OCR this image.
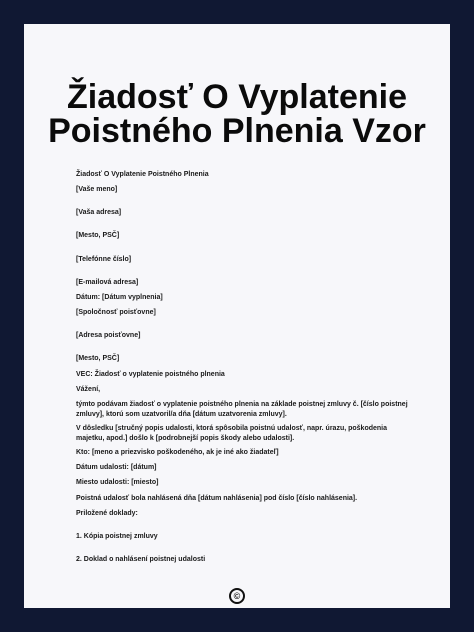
Žiadosť O Vyplatenie
Poistného Plnenia Vzor
Žiadosť O Vyplatenie Poistného Plnenia
[Vaše meno]
[Vaša adresa]
[Mesto, PSČ]
[Telefónne číslo]
[E-mailová adresa]
Dátum: [Dátum vyplnenia]
[Spoločnosť poisťovne]
[Adresa poisťovne]
[Mesto, PSČ]
VEC: Žiadosť o vyplatenie poistného plnenia
Vážení,
týmto podávam žiadosť o vyplatenie poistného plnenia na základe poistnej zmluvy č. [číslo poistnej zmluvy], ktorú som uzatvoril/a dňa [dátum uzatvorenia zmluvy].
V dôsledku [stručný popis udalosti, ktorá spôsobila poistnú udalosť, napr. úrazu, poškodenia majetku, apod.] došlo k [podrobnejší popis škody alebo udalosti].
Kto: [meno a priezvisko poškodeného, ak je iné ako žiadateľ]
Dátum udalosti: [dátum]
Miesto udalosti: [miesto]
Poistná udalosť bola nahlásená dňa [dátum nahlásenia] pod číslo [číslo nahlásenia].
Priložené doklady:
1. Kópia poistnej zmluvy
2. Doklad o nahlásení poistnej udalosti
©
